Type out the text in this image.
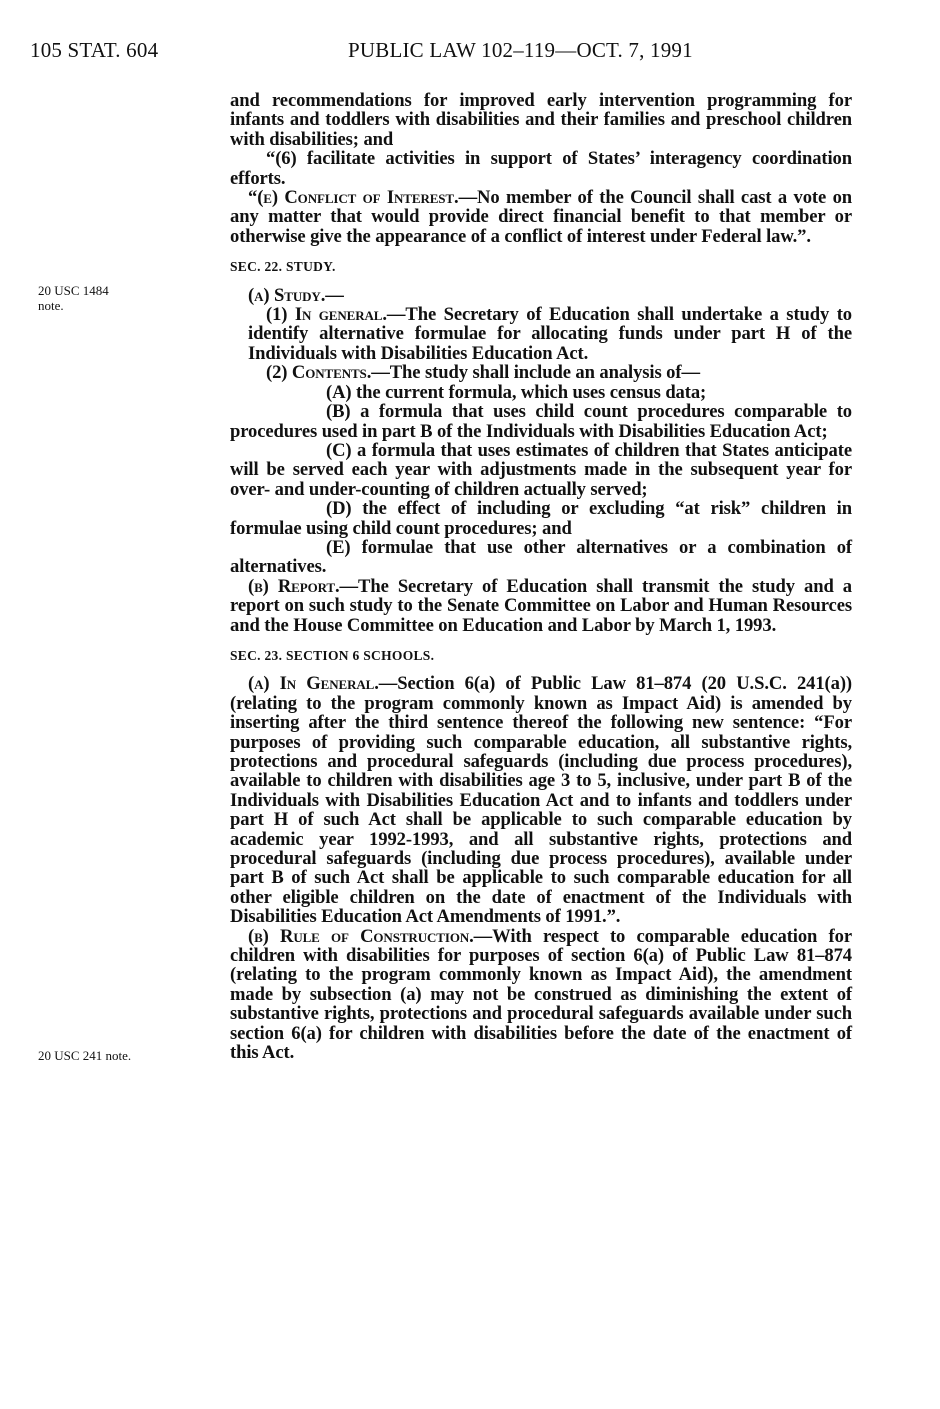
105 STAT. 604	PUBLIC LAW 102–119—OCT. 7, 1991
20 USC 1484
note.
20 USC 241 note.

and recommendations for improved early intervention programming for infants and toddlers with disabilities and their families and preschool children with disabilities; and

“(6) facilitate activities in support of States’ interagency coordination efforts.

“(e) Conflict of Interest.—No member of the Council shall cast a vote on any matter that would provide direct financial benefit to that member or otherwise give the appearance of a conflict of interest under Federal law.”.

SEC. 22. STUDY.

(a) Study.—

(1) In general.—The Secretary of Education shall undertake a study to identify alternative formulae for allocating funds under part H of the Individuals with Disabilities Education Act.

(2) Contents.—The study shall include an analysis of—

(A) the current formula, which uses census data;

(B) a formula that uses child count procedures comparable to procedures used in part B of the Individuals with Disabilities Education Act;

(C) a formula that uses estimates of children that States anticipate will be served each year with adjustments made in the subsequent year for over- and under-counting of children actually served;

(D) the effect of including or excluding “at risk” children in formulae using child count procedures; and

(E) formulae that use other alternatives or a combination of alternatives.

(b) Report.—The Secretary of Education shall transmit the study and a report on such study to the Senate Committee on Labor and Human Resources and the House Committee on Education and Labor by March 1, 1993.

SEC. 23. SECTION 6 SCHOOLS.

(a) In General.—Section 6(a) of Public Law 81–874 (20 U.S.C. 241(a)) (relating to the program commonly known as Impact Aid) is amended by inserting after the third sentence thereof the following new sentence: “For purposes of providing such comparable education, all substantive rights, protections and procedural safeguards (including due process procedures), available to children with disabilities age 3 to 5, inclusive, under part B of the Individuals with Disabilities Education Act and to infants and toddlers under part H of such Act shall be applicable to such comparable education by academic year 1992-1993, and all substantive rights, protections and procedural safeguards (including due process procedures), available under part B of such Act shall be applicable to such comparable education for all other eligible children on the date of enactment of the Individuals with Disabilities Education Act Amendments of 1991.”.

(b) Rule of Construction.—With respect to comparable education for children with disabilities for purposes of section 6(a) of Public Law 81–874 (relating to the program commonly known as Impact Aid), the amendment made by subsection (a) may not be construed as diminishing the extent of substantive rights, protections and procedural safeguards available under such section 6(a) for children with disabilities before the date of the enactment of this Act.
